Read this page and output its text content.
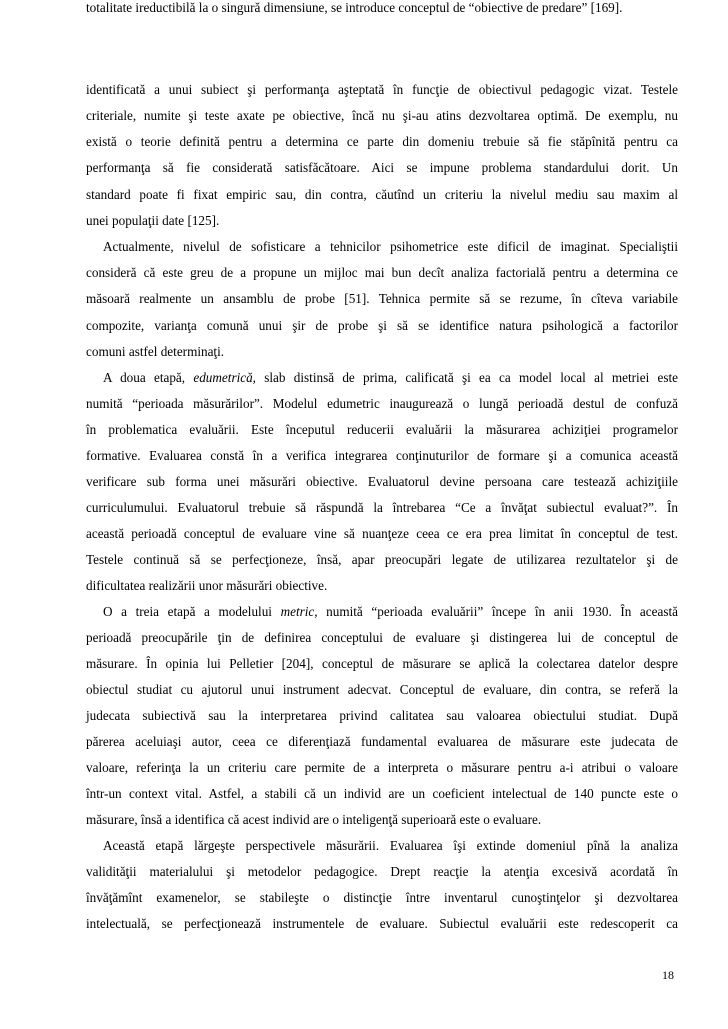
identificată a unui subiect şi performanţa aşteptată în funcţie de obiectivul pedagogic vizat. Testele
criteriale, numite şi teste axate pe obiective, încă nu şi-au atins dezvoltarea optimă. De exemplu, nu
există o teorie definită pentru a determina ce parte din domeniu trebuie să fie stăpînită pentru ca
performanţa să fie considerată satisfăcătoare. Aici se impune problema standardului dorit. Un
standard poate fi fixat empiric sau, din contra, căutînd un criteriu la nivelul mediu sau maxim al
unei populaţii date [125].
Actualmente, nivelul de sofisticare a tehnicilor psihometrice este dificil de imaginat. Specialiştii
consideră că este greu de a propune un mijloc mai bun decît analiza factorială pentru a determina ce
măsoară realmente un ansamblu de probe [51]. Tehnica permite să se rezume, în cîteva variabile
compozite, varianţa comună unui şir de probe şi să se identifice natura psihologică a factorilor
comuni astfel determinaţi.
A doua etapă, edumetrică, slab distinsă de prima, calificată şi ea ca model local al metriei este
numită “perioada măsurărilor”. Modelul edumetric inaugurează o lungă perioadă destul de confuză
în problematica evaluării. Este începutul reducerii evaluării la măsurarea achiziţiei programelor
formative. Evaluarea constă în a verifica integrarea conţinuturilor de formare şi a comunica această
verificare sub forma unei măsurări obiective. Evaluatorul devine persoana care testează achiziţiile
curriculumului. Evaluatorul trebuie să răspundă la întrebarea “Ce a învăţat subiectul evaluat?”. În
această perioadă conceptul de evaluare vine să nuanţeze ceea ce era prea limitat în conceptul de test.
Testele continuă să se perfecţioneze, însă, apar preocupări legate de utilizarea rezultatelor şi de
dificultatea realizării unor măsurări obiective.
O a treia etapă a modelului metric, numită “perioada evaluării” începe în anii 1930. În această
perioadă preocupările ţin de definirea conceptului de evaluare şi distingerea lui de conceptul de
măsurare. În opinia lui Pelletier [204], conceptul de măsurare se aplică la colectarea datelor despre
obiectul studiat cu ajutorul unui instrument adecvat. Conceptul de evaluare, din contra, se referă la
judecata subiectivă sau la interpretarea privind calitatea sau valoarea obiectului studiat. După
părerea aceluiaşi autor, ceea ce diferenţiază fundamental evaluarea de măsurare este judecata de
valoare, referinţa la un criteriu care permite de a interpreta o măsurare pentru a-i atribui o valoare
într-un context vital. Astfel, a stabili că un individ are un coeficient intelectual de 140 puncte este o
măsurare, însă a identifica că acest individ are o inteligenţă superioară este o evaluare.
Această etapă lărgeşte perspectivele măsurării. Evaluarea îşi extinde domeniul pînă la analiza
validităţii materialului şi metodelor pedagogice. Drept reacţie la atenţia excesivă acordată în
învăţămînt examenelor, se stabileşte o distincţie între inventarul cunoştinţelor şi dezvoltarea
intelectuală, se perfecţionează instrumentele de evaluare. Subiectul evaluării este redescoperit ca
totalitate ireductibilă la o singură dimensiune, se introduce conceptul de “obiective de predare” [169].
18
